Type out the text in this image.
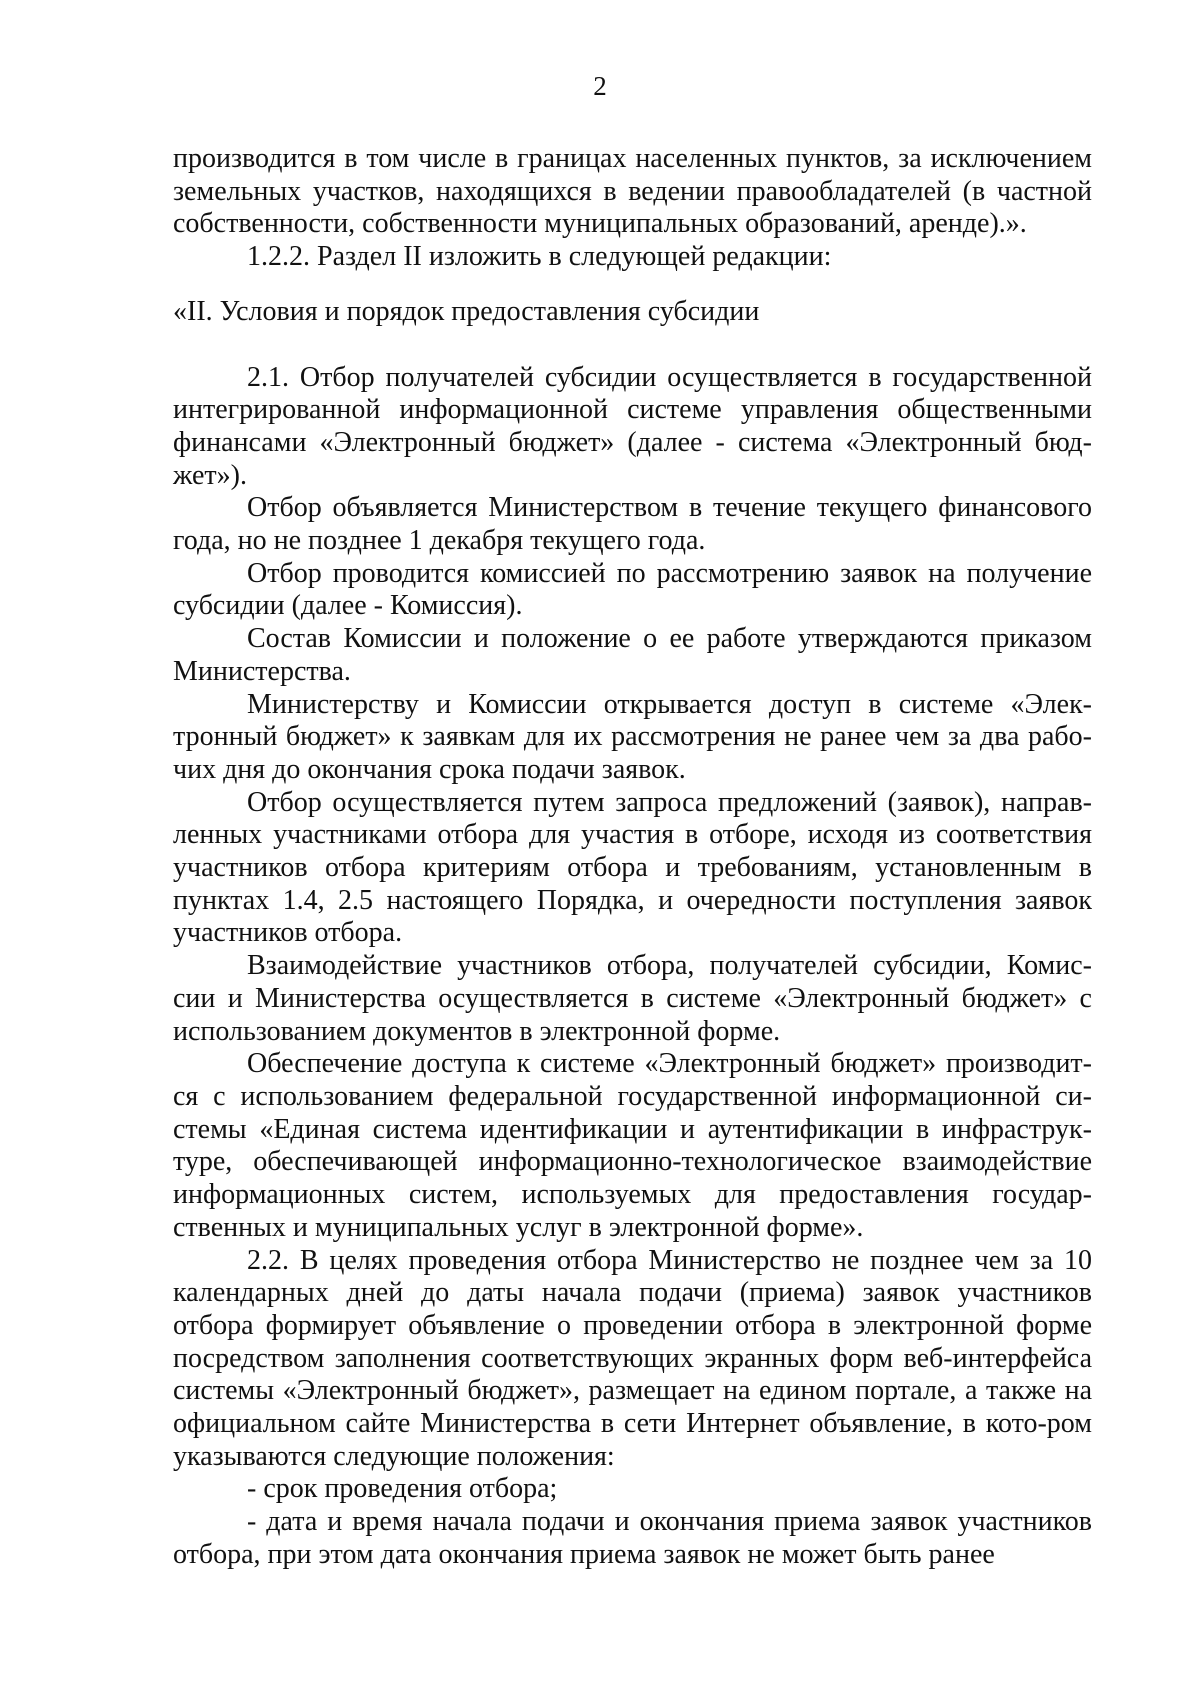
2

производится в том числе в границах населенных пунктов, за исключением земельных участков, находящихся в ведении правообладателей (в частной собственности, собственности муниципальных образований, аренде).».

1.2.2. Раздел II изложить в следующей редакции:

«II. Условия и порядок предоставления субсидии

2.1. Отбор получателей субсидии осуществляется в государственной интегрированной информационной системе управления общественными финансами «Электронный бюджет» (далее - система «Электронный бюд-жет»).

Отбор объявляется Министерством в течение текущего финансового года, но не позднее 1 декабря текущего года.

Отбор проводится комиссией по рассмотрению заявок на получение субсидии (далее - Комиссия).

Состав Комиссии и положение о ее работе утверждаются приказом Министерства.

Министерству и Комиссии открывается доступ в системе «Элек-тронный бюджет» к заявкам для их рассмотрения не ранее чем за два рабо-чих дня до окончания срока подачи заявок.

Отбор осуществляется путем запроса предложений (заявок), направ-ленных участниками отбора для участия в отборе, исходя из соответствия участников отбора критериям отбора и требованиям, установленным в пунктах 1.4, 2.5 настоящего Порядка, и очередности поступления заявок участников отбора.

Взаимодействие участников отбора, получателей субсидии, Комис-сии и Министерства осуществляется в системе «Электронный бюджет» с использованием документов в электронной форме.

Обеспечение доступа к системе «Электронный бюджет» производит-ся с использованием федеральной государственной информационной си-стемы «Единая система идентификации и аутентификации в инфраструк-туре, обеспечивающей информационно-технологическое взаимодействие информационных систем, используемых для предоставления государ-ственных и муниципальных услуг в электронной форме».

2.2. В целях проведения отбора Министерство не позднее чем за 10 календарных дней до даты начала подачи (приема) заявок участников отбора формирует объявление о проведении отбора в электронной форме посредством заполнения соответствующих экранных форм веб-интерфейса системы «Электронный бюджет», размещает на едином портале, а также на официальном сайте Министерства в сети Интернет объявление, в кото-ром указываются следующие положения:

- срок проведения отбора;

- дата и время начала подачи и окончания приема заявок участников отбора, при этом дата окончания приема заявок не может быть ранее
